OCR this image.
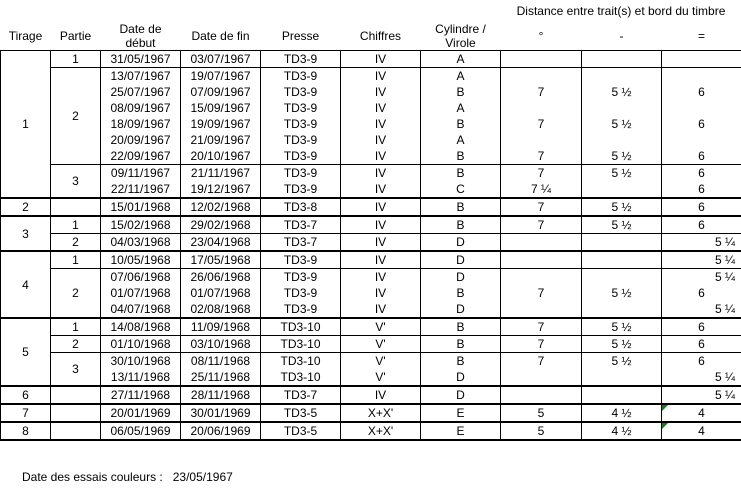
							Distance entre trait(s) et bord du timbre		
Tirage	Partie	Date de
début	Date de fin	Presse	Chiffres	Cylindre /
Virole	°	-	=
1	1	31/05/1967	03/07/1967	TD3-9	IV	A			
	2	13/07/1967	19/07/1967	TD3-9	IV	A			
		25/07/1967	07/09/1967	TD3-9	IV	B	7	5 ½	6
		08/09/1967	15/09/1967	TD3-9	IV	A			
		18/09/1967	19/09/1967	TD3-9	IV	B	7	5 ½	6
		20/09/1967	21/09/1967	TD3-9	IV	A			
		22/09/1967	20/10/1967	TD3-9	IV	B	7	5 ½	6
	3	09/11/1967	21/11/1967	TD3-9	IV	B	7	5 ½	6
		22/11/1967	19/12/1967	TD3-9	IV	C	7 ¼		6
2		15/01/1968	12/02/1968	TD3-8	IV	B	7	5 ½	6
3	1	15/02/1968	29/02/1968	TD3-7	IV	B	7	5 ½	6
	2	04/03/1968	23/04/1968	TD3-7	IV	D			5 ¼
4	1	10/05/1968	17/05/1968	TD3-9	IV	D			5 ¼
	2	07/06/1968	26/06/1968	TD3-9	IV	D			5 ¼
		01/07/1968	01/07/1968	TD3-9	IV	B	7	5 ½	6
		04/07/1968	02/08/1968	TD3-9	IV	D			5 ¼
5	1	14/08/1968	11/09/1968	TD3-10	V'	B	7	5 ½	6
	2	01/10/1968	03/10/1968	TD3-10	V'	B	7	5 ½	6
	3	30/10/1968	08/11/1968	TD3-10	V'	B	7	5 ½	6
		13/11/1968	25/11/1968	TD3-10	V'	D			5 ¼
6		27/11/1968	28/11/1968	TD3-7	IV	D			5 ¼
7		20/01/1969	30/01/1969	TD3-5	X+X'	E	5	4 ½	4
8		06/05/1969	20/06/1969	TD3-5	X+X'	E	5	4 ½	4
Date des essais couleurs : 23/05/1967
